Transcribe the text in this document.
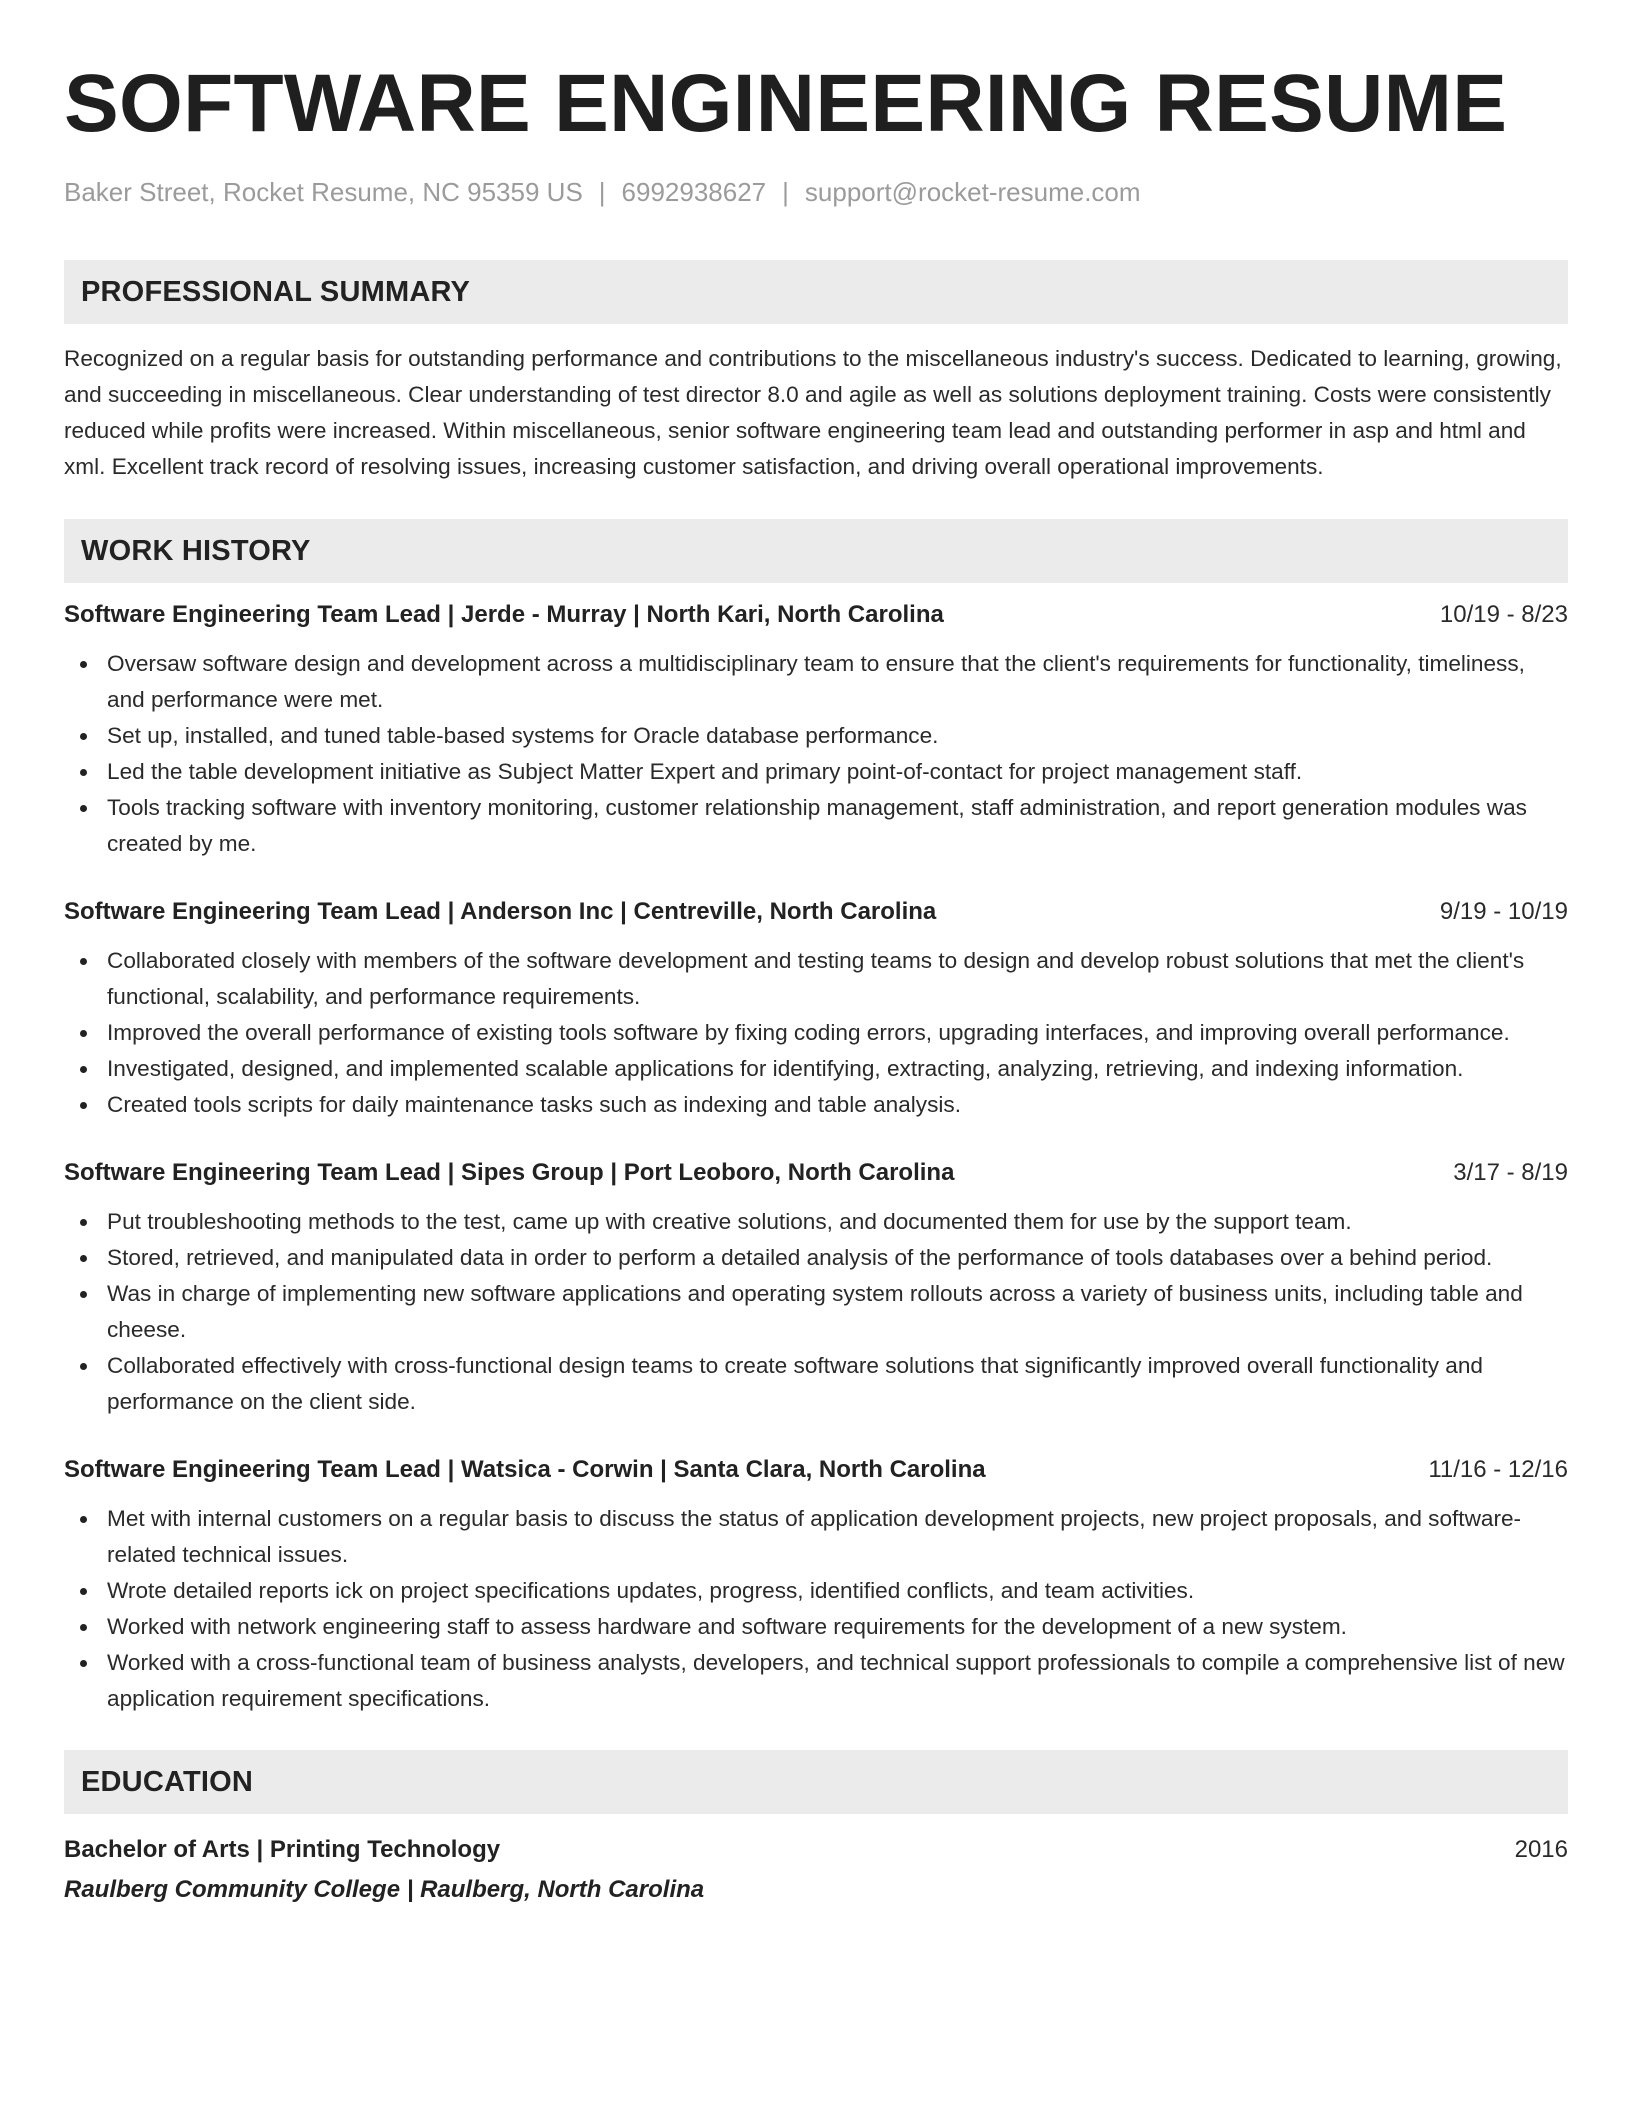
SOFTWARE ENGINEERING RESUME
Baker Street, Rocket Resume, NC 95359 US | 6992938627 | support@rocket-resume.com
PROFESSIONAL SUMMARY
Recognized on a regular basis for outstanding performance and contributions to the miscellaneous industry's success. Dedicated to learning, growing, and succeeding in miscellaneous. Clear understanding of test director 8.0 and agile as well as solutions deployment training. Costs were consistently reduced while profits were increased. Within miscellaneous, senior software engineering team lead and outstanding performer in asp and html and xml. Excellent track record of resolving issues, increasing customer satisfaction, and driving overall operational improvements.
WORK HISTORY
Software Engineering Team Lead | Jerde - Murray | North Kari, North Carolina	10/19 - 8/23
Oversaw software design and development across a multidisciplinary team to ensure that the client's requirements for functionality, timeliness, and performance were met.
Set up, installed, and tuned table-based systems for Oracle database performance.
Led the table development initiative as Subject Matter Expert and primary point-of-contact for project management staff.
Tools tracking software with inventory monitoring, customer relationship management, staff administration, and report generation modules was created by me.
Software Engineering Team Lead | Anderson Inc | Centreville, North Carolina	9/19 - 10/19
Collaborated closely with members of the software development and testing teams to design and develop robust solutions that met the client's functional, scalability, and performance requirements.
Improved the overall performance of existing tools software by fixing coding errors, upgrading interfaces, and improving overall performance.
Investigated, designed, and implemented scalable applications for identifying, extracting, analyzing, retrieving, and indexing information.
Created tools scripts for daily maintenance tasks such as indexing and table analysis.
Software Engineering Team Lead | Sipes Group | Port Leoboro, North Carolina	3/17 - 8/19
Put troubleshooting methods to the test, came up with creative solutions, and documented them for use by the support team.
Stored, retrieved, and manipulated data in order to perform a detailed analysis of the performance of tools databases over a behind period.
Was in charge of implementing new software applications and operating system rollouts across a variety of business units, including table and cheese.
Collaborated effectively with cross-functional design teams to create software solutions that significantly improved overall functionality and performance on the client side.
Software Engineering Team Lead | Watsica - Corwin | Santa Clara, North Carolina	11/16 - 12/16
Met with internal customers on a regular basis to discuss the status of application development projects, new project proposals, and software-related technical issues.
Wrote detailed reports ick on project specifications updates, progress, identified conflicts, and team activities.
Worked with network engineering staff to assess hardware and software requirements for the development of a new system.
Worked with a cross-functional team of business analysts, developers, and technical support professionals to compile a comprehensive list of new application requirement specifications.
EDUCATION
Bachelor of Arts | Printing Technology	2016
Raulberg Community College | Raulberg, North Carolina
